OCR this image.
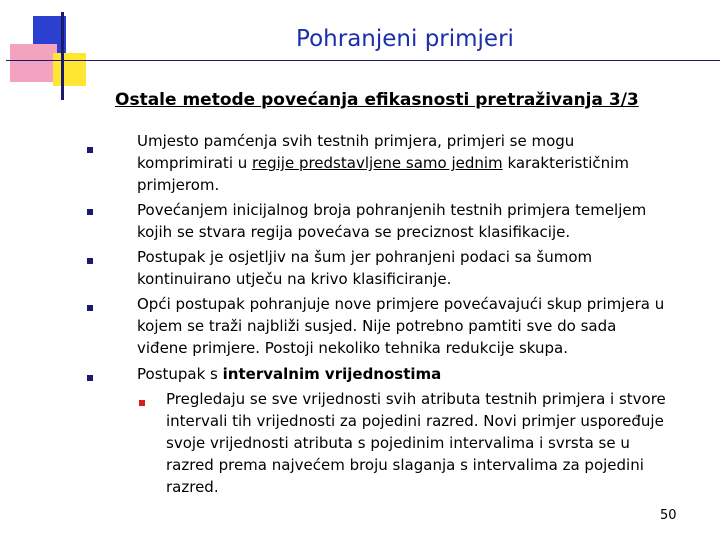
Pohranjeni primjeri
Ostale metode povećanja efikasnosti pretraživanja 3/3
Umjesto pamćenja svih testnih primjera, primjeri se mogu
komprimirati u regije predstavljene samo jednim karakterističnim
primjerom.
Povećanjem inicijalnog broja pohranjenih testnih primjera temeljem
kojih se stvara regija povećava se preciznost klasifikacije.
Postupak je osjetljiv na šum jer pohranjeni podaci sa šumom
kontinuirano utječu na krivo klasificiranje.
Opći postupak pohranjuje nove primjere povećavajući skup primjera u
kojem se traži najbliži susjed. Nije potrebno pamtiti sve do sada
viđene primjere. Postoji nekoliko tehnika redukcije skupa.
Postupak s intervalnim vrijednostima
Pregledaju se sve vrijednosti svih atributa testnih primjera i stvore
intervali tih vrijednosti za pojedini razred. Novi primjer uspoređuje
svoje vrijednosti atributa s pojedinim intervalima i svrsta se u
razred prema najvećem broju slaganja s intervalima za pojedini
razred.
50
